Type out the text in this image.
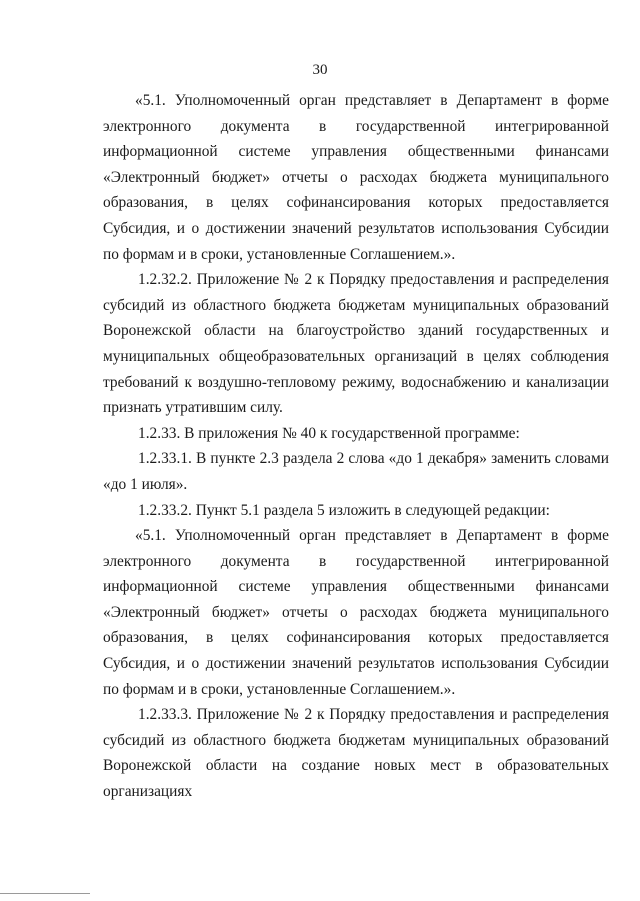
30

«5.1. Уполномоченный орган представляет в Департамент в форме электронного документа в государственной интегрированной информационной системе управления общественными финансами «Электронный бюджет» отчеты о расходах бюджета муниципального образования, в целях софинансирования которых предоставляется Субсидия, и о достижении значений результатов использования Субсидии по формам и в сроки, установленные Соглашением.».

1.2.32.2. Приложение № 2 к Порядку предоставления и распределения субсидий из областного бюджета бюджетам муниципальных образований Воронежской области на благоустройство зданий государственных и муниципальных общеобразовательных организаций в целях соблюдения требований к воздушно-тепловому режиму, водоснабжению и канализации признать утратившим силу.

1.2.33. В приложения № 40 к государственной программе:

1.2.33.1. В пункте 2.3 раздела 2 слова «до 1 декабря» заменить словами «до 1 июля».

1.2.33.2. Пункт 5.1 раздела 5 изложить в следующей редакции:

«5.1. Уполномоченный орган представляет в Департамент в форме электронного документа в государственной интегрированной информационной системе управления общественными финансами «Электронный бюджет» отчеты о расходах бюджета муниципального образования, в целях софинансирования которых предоставляется Субсидия, и о достижении значений результатов использования Субсидии по формам и в сроки, установленные Соглашением.».

1.2.33.3. Приложение № 2 к Порядку предоставления и распределения субсидий из областного бюджета бюджетам муниципальных образований Воронежской области на создание новых мест в образовательных организациях
